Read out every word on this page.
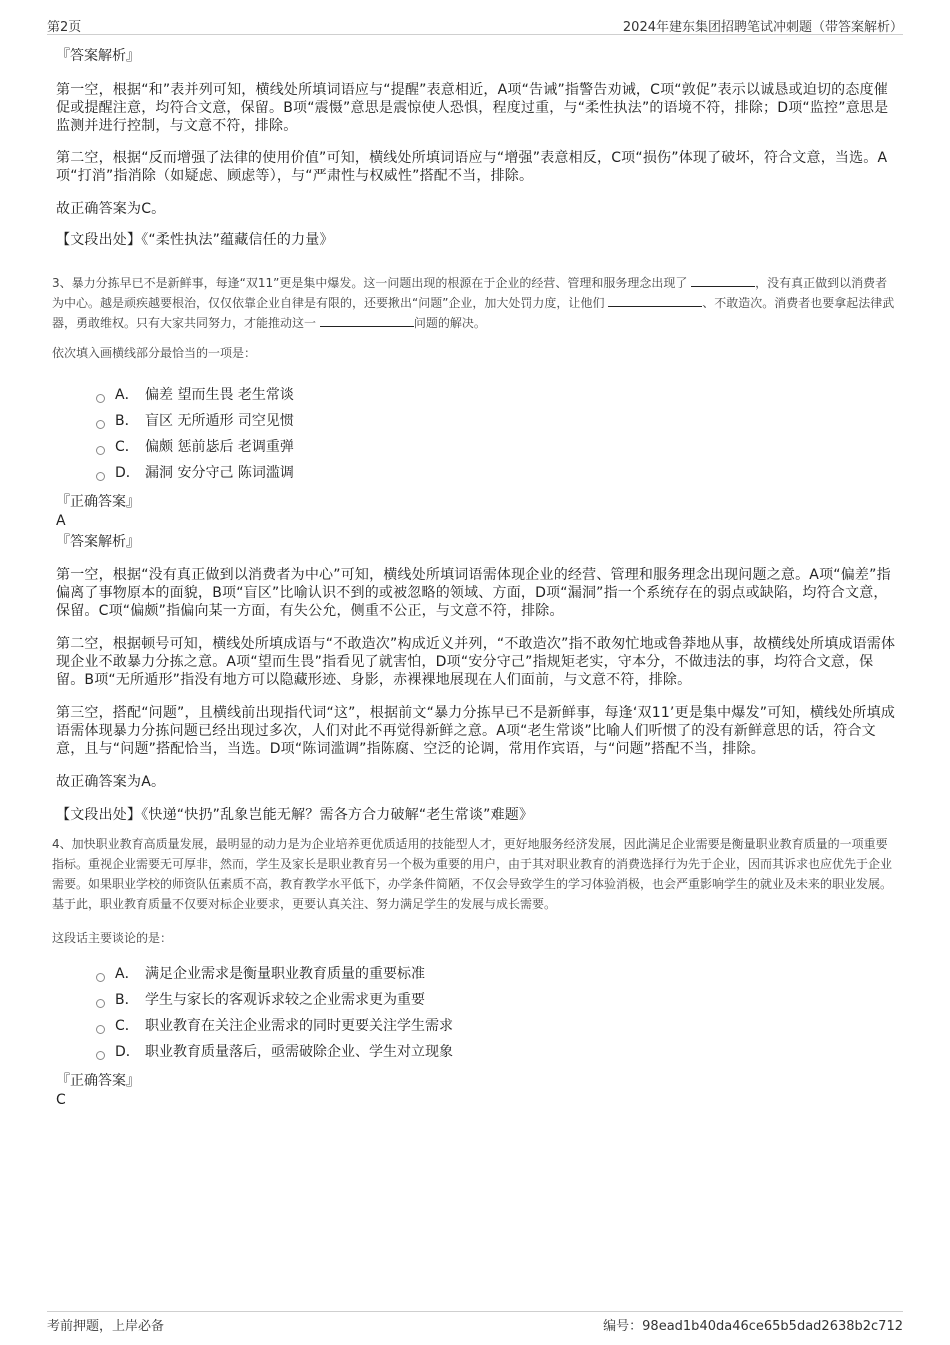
第2页	2024年建东集团招聘笔试冲刺题（带答案解析）

『答案解析』

第一空，根据“和”表并列可知，横线处所填词语应与“提醒”表意相近，A项“告诫”指警告劝诫，C项“敦促”表示以诚恳或迫切的态度催促或提醒注意，均符合文意，保留。B项“震慑”意思是震惊使人恐惧，程度过重，与“柔性执法”的语境不符，排除；D项“监控”意思是监测并进行控制，与文意不符，排除。

第二空，根据“反而增强了法律的使用价值”可知，横线处所填词语应与“增强”表意相反，C项“损伤”体现了破坏，符合文意，当选。A项“打消”指消除（如疑虑、顾虑等），与“严肃性与权威性”搭配不当，排除。

故正确答案为C。

【文段出处】《“柔性执法”蕴藏信任的力量》

3、暴力分拣早已不是新鲜事，每逢“双11”更是集中爆发。这一问题出现的根源在于企业的经营、管理和服务理念出现了	，没有真正做到以消费者为中心。越是顽疾越要根治，仅仅依靠企业自律是有限的，还要揪出“问题”企业，加大处罚力度，让他们	、不敢造次。消费者也要拿起法律武器，勇敢维权。只有大家共同努力，才能推动这一	问题的解决。

依次填入画横线部分最恰当的一项是：

A． 偏差 望而生畏 老生常谈
B． 盲区 无所遁形 司空见惯
C． 偏颇 惩前毖后 老调重弹
D． 漏洞 安分守己 陈词滥调

『正确答案』

A

『答案解析』

第一空，根据“没有真正做到以消费者为中心”可知，横线处所填词语需体现企业的经营、管理和服务理念出现问题之意。A项“偏差”指偏离了事物原本的面貌，B项“盲区”比喻认识不到的或被忽略的领域、方面，D项“漏洞”指一个系统存在的弱点或缺陷，均符合文意，保留。C项“偏颇”指偏向某一方面，有失公允，侧重不公正，与文意不符，排除。

第二空，根据顿号可知，横线处所填成语与“不敢造次”构成近义并列，“不敢造次”指不敢匆忙地或鲁莽地从事，故横线处所填成语需体现企业不敢暴力分拣之意。A项“望而生畏”指看见了就害怕，D项“安分守己”指规矩老实，守本分，不做违法的事，均符合文意，保留。B项“无所遁形”指没有地方可以隐藏形迹、身影，赤裸裸地展现在人们面前，与文意不符，排除。

第三空，搭配“问题”，且横线前出现指代词“这”，根据前文“暴力分拣早已不是新鲜事，每逢‘双11’更是集中爆发”可知，横线处所填成语需体现暴力分拣问题已经出现过多次，人们对此不再觉得新鲜之意。A项“老生常谈”比喻人们听惯了的没有新鲜意思的话，符合文意，且与“问题”搭配恰当，当选。D项“陈词滥调”指陈腐、空泛的论调，常用作宾语，与“问题”搭配不当，排除。

故正确答案为A。

【文段出处】《快递“快扔”乱象岂能无解？需各方合力破解“老生常谈”难题》

4、加快职业教育高质量发展，最明显的动力是为企业培养更优质适用的技能型人才，更好地服务经济发展，因此满足企业需要是衡量职业教育质量的一项重要指标。重视企业需要无可厚非，然而，学生及家长是职业教育另一个极为重要的用户，由于其对职业教育的消费选择行为先于企业，因而其诉求也应优先于企业需要。如果职业学校的师资队伍素质不高，教育教学水平低下，办学条件简陋，不仅会导致学生的学习体验消极，也会严重影响学生的就业及未来的职业发展。基于此，职业教育质量不仅要对标企业要求，更要认真关注、努力满足学生的发展与成长需要。

这段话主要谈论的是：

A． 满足企业需求是衡量职业教育质量的重要标准
B． 学生与家长的客观诉求较之企业需求更为重要
C． 职业教育在关注企业需求的同时更要关注学生需求
D． 职业教育质量落后，亟需破除企业、学生对立现象

『正确答案』

C

考前押题，上岸必备	编号：98ead1b40da46ce65b5dad2638b2c712
